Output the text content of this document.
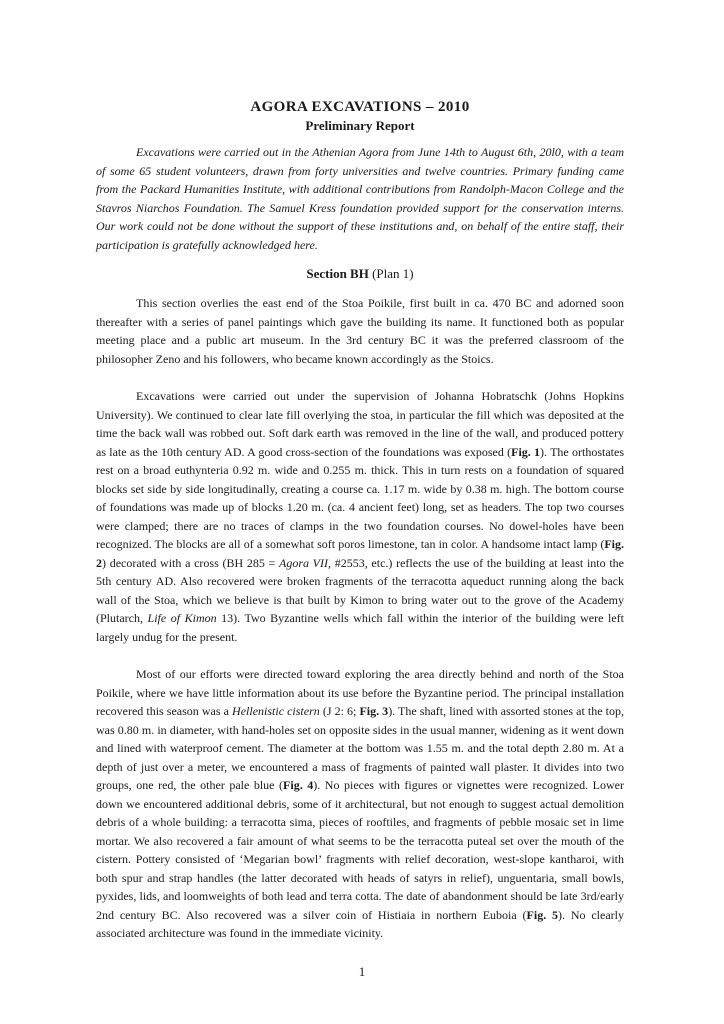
AGORA EXCAVATIONS – 2010
Preliminary Report

Excavations were carried out in the Athenian Agora from June 14th to August 6th, 20l0, with a team of some 65 student volunteers, drawn from forty universities and twelve countries. Primary funding came from the Packard Humanities Institute, with additional contributions from Randolph-Macon College and the Stavros Niarchos Foundation. The Samuel Kress foundation provided support for the conservation interns. Our work could not be done without the support of these institutions and, on behalf of the entire staff, their participation is gratefully acknowledged here.

Section BH (Plan 1)

This section overlies the east end of the Stoa Poikile, first built in ca. 470 BC and adorned soon thereafter with a series of panel paintings which gave the building its name. It functioned both as popular meeting place and a public art museum. In the 3rd century BC it was the preferred classroom of the philosopher Zeno and his followers, who became known accordingly as the Stoics.

Excavations were carried out under the supervision of Johanna Hobratschk (Johns Hopkins University). We continued to clear late fill overlying the stoa, in particular the fill which was deposited at the time the back wall was robbed out. Soft dark earth was removed in the line of the wall, and produced pottery as late as the 10th century AD. A good cross-section of the foundations was exposed (Fig. 1). The orthostates rest on a broad euthynteria 0.92 m. wide and 0.255 m. thick. This in turn rests on a foundation of squared blocks set side by side longitudinally, creating a course ca. 1.17 m. wide by 0.38 m. high. The bottom course of foundations was made up of blocks 1.20 m. (ca. 4 ancient feet) long, set as headers. The top two courses were clamped; there are no traces of clamps in the two foundation courses. No dowel-holes have been recognized. The blocks are all of a somewhat soft poros limestone, tan in color. A handsome intact lamp (Fig. 2) decorated with a cross (BH 285 = Agora VII, #2553, etc.) reflects the use of the building at least into the 5th century AD. Also recovered were broken fragments of the terracotta aqueduct running along the back wall of the Stoa, which we believe is that built by Kimon to bring water out to the grove of the Academy (Plutarch, Life of Kimon 13). Two Byzantine wells which fall within the interior of the building were left largely undug for the present.

Most of our efforts were directed toward exploring the area directly behind and north of the Stoa Poikile, where we have little information about its use before the Byzantine period. The principal installation recovered this season was a Hellenistic cistern (J 2: 6; Fig. 3). The shaft, lined with assorted stones at the top, was 0.80 m. in diameter, with hand-holes set on opposite sides in the usual manner, widening as it went down and lined with waterproof cement. The diameter at the bottom was 1.55 m. and the total depth 2.80 m. At a depth of just over a meter, we encountered a mass of fragments of painted wall plaster. It divides into two groups, one red, the other pale blue (Fig. 4). No pieces with figures or vignettes were recognized. Lower down we encountered additional debris, some of it architectural, but not enough to suggest actual demolition debris of a whole building: a terracotta sima, pieces of rooftiles, and fragments of pebble mosaic set in lime mortar. We also recovered a fair amount of what seems to be the terracotta puteal set over the mouth of the cistern. Pottery consisted of ‘Megarian bowl’ fragments with relief decoration, west-slope kantharoi, with both spur and strap handles (the latter decorated with heads of satyrs in relief), unguentaria, small bowls, pyxides, lids, and loomweights of both lead and terra cotta. The date of abandonment should be late 3rd/early 2nd century BC. Also recovered was a silver coin of Histiaia in northern Euboia (Fig. 5). No clearly associated architecture was found in the immediate vicinity.

1
